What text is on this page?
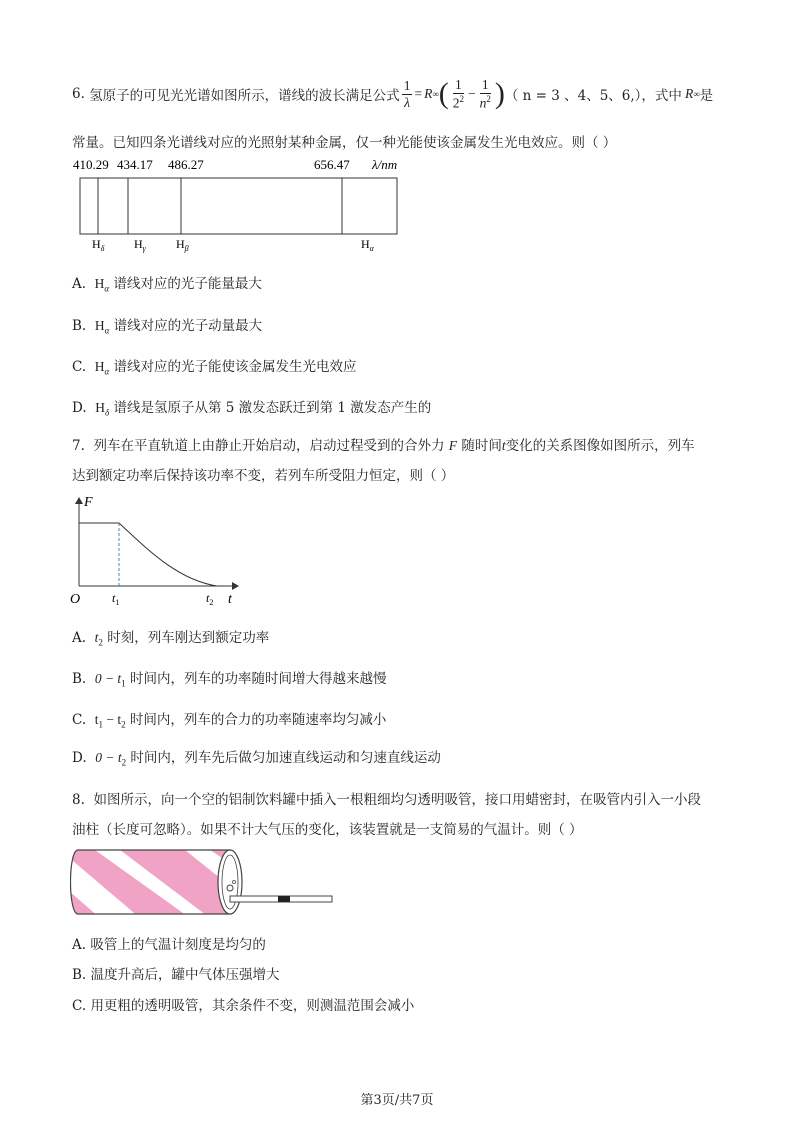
6.
氢原子的可见光光谱如图所示，谱线的波长满足公式 $\frac{1}{\lambda} = R$ ∞ ( $\frac{1}{2^2} - \frac{1}{n^2}$ ) （ n = 3 、4、5、6,），式中 R ∞ 是
常量。已知四条光谱线对应的光照射某种金属，仅一种光能使该金属发生光电效应。则（ ）
410.29 434.17 486.27	656.47 λ/nm
$H_\delta$ $H_\gamma$	$H_\beta$	$H_\alpha$
A. $H_\alpha$ 谱线对应的光子能量最大
B. $H_\alpha$ 谱线对应的光子动量最大
C. $H_\alpha$ 谱线对应的光子能使该金属发生光电效应
D. $H_\delta$ 谱线是氢原子从第 5 激发态跃迁到第 1 激发态产生的
7. 列车在平直轨道上由静止开始启动，启动过程受到的合外力 F 随时间t变化的关系图像如图所示，列车
达到额定功率后保持该功率不变，若列车所受阻力恒定，则（ ）
F
O	t
$t_1$	$t_2$
A. $t_2$ 时刻，列车刚达到额定功率
B. $0 - t_1$ 时间内，列车的功率随时间增大得越来越慢
C. $t_1 - t_2$ 时间内，列车的合力的功率随速率均匀减小
D. $0 - t_2$ 时间内，列车先后做匀加速直线运动和匀速直线运动
8. 如图所示，向一个空的铝制饮料罐中插入一根粗细均匀透明吸管，接口用蜡密封，在吸管内引入一小段
油柱（长度可忽略）。如果不计大气压的变化，该装置就是一支简易的气温计。则（ ）
A. 吸管上的气温计刻度是均匀的
B. 温度升高后，罐中气体压强增大
C. 用更粗的透明吸管，其余条件不变，则测温范围会减小
第3页/共7页
